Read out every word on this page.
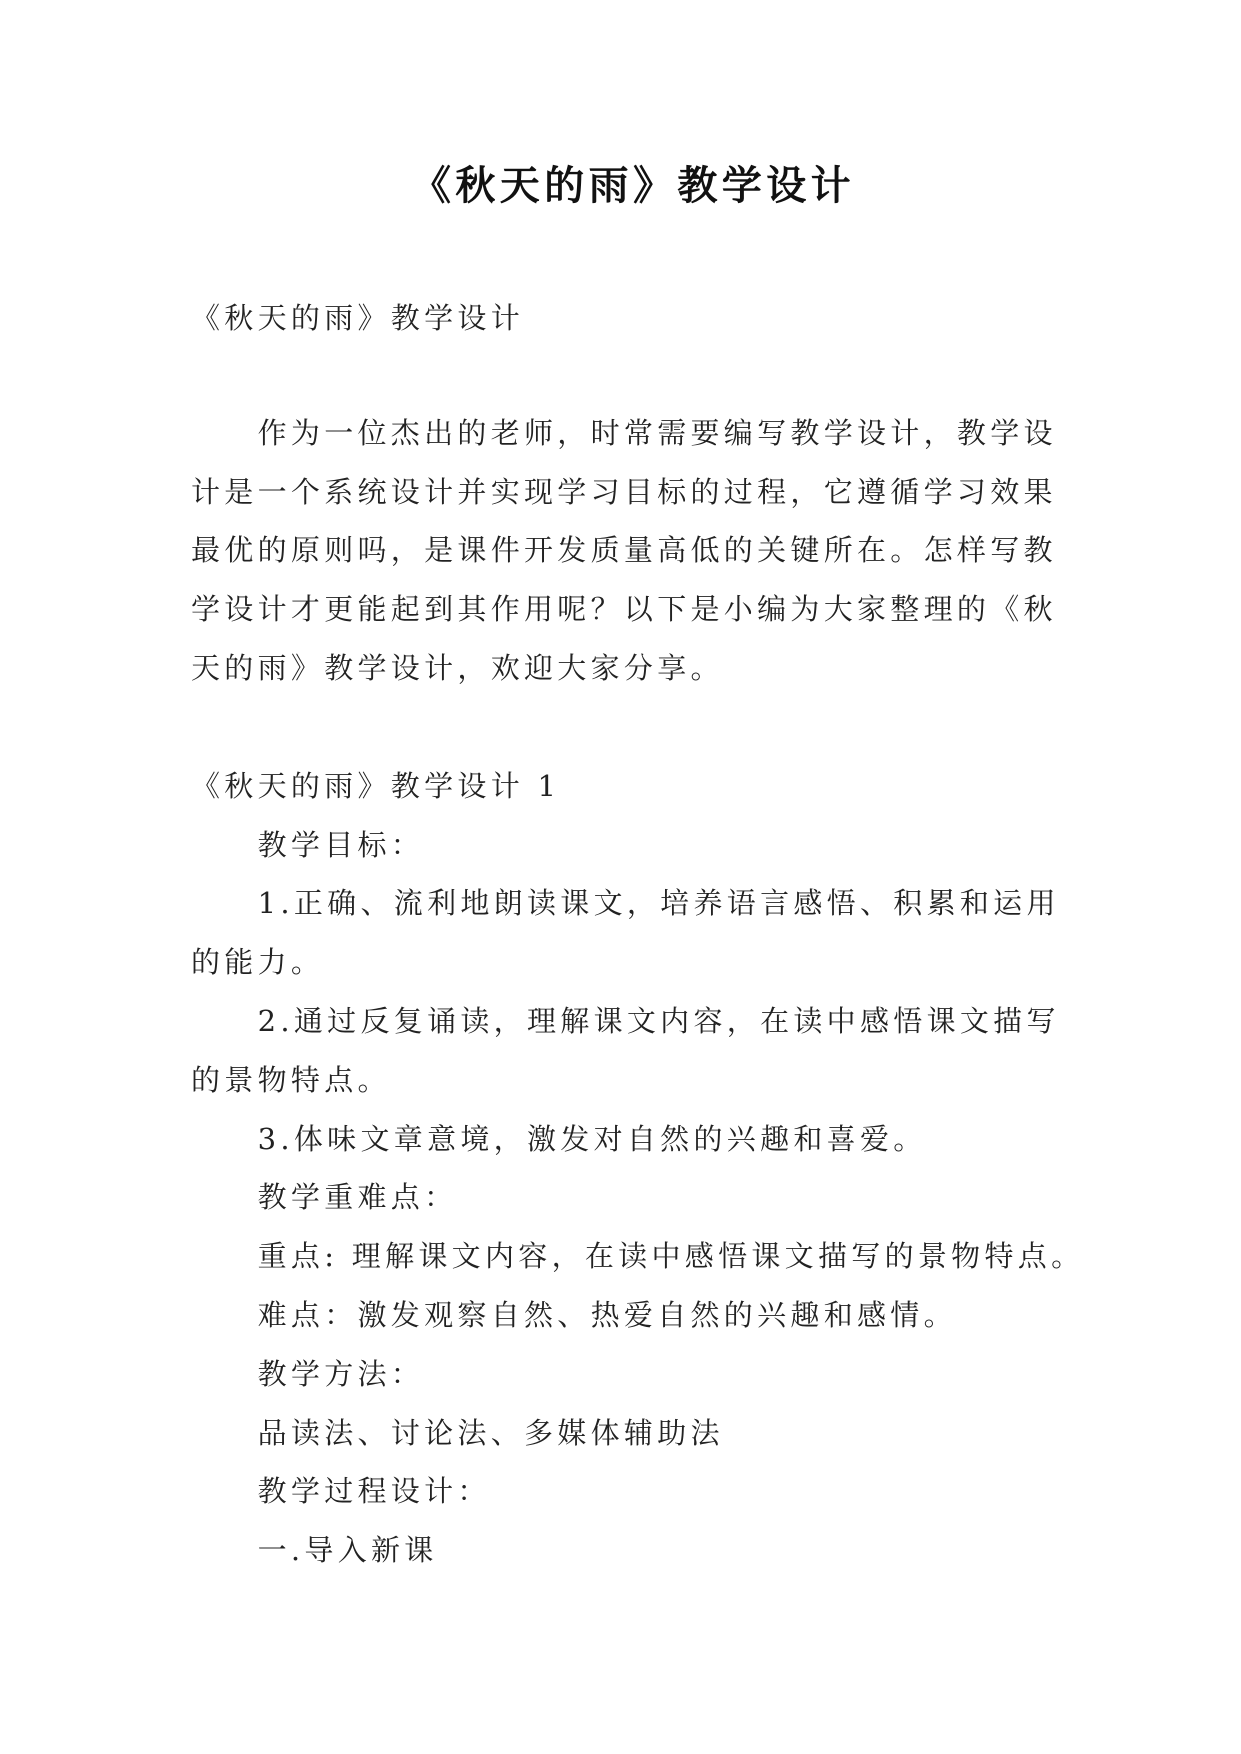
《秋天的雨》教学设计
《秋天的雨》教学设计
作为一位杰出的老师，时常需要编写教学设计，教学设
计是一个系统设计并实现学习目标的过程，它遵循学习效果
最优的原则吗，是课件开发质量高低的关键所在。怎样写教
学设计才更能起到其作用呢？以下是小编为大家整理的《秋
天的雨》教学设计，欢迎大家分享。
《秋天的雨》教学设计 1
教学目标：
1.正确、流利地朗读课文，培养语言感悟、积累和运用
的能力。
2.通过反复诵读，理解课文内容，在读中感悟课文描写
的景物特点。
3.体味文章意境，激发对自然的兴趣和喜爱。
教学重难点：
重点: 理解课文内容，在读中感悟课文描写的景物特点。
难点：激发观察自然、热爱自然的兴趣和感情。
教学方法：
品读法、讨论法、多媒体辅助法
教学过程设计：
一.导入新课
